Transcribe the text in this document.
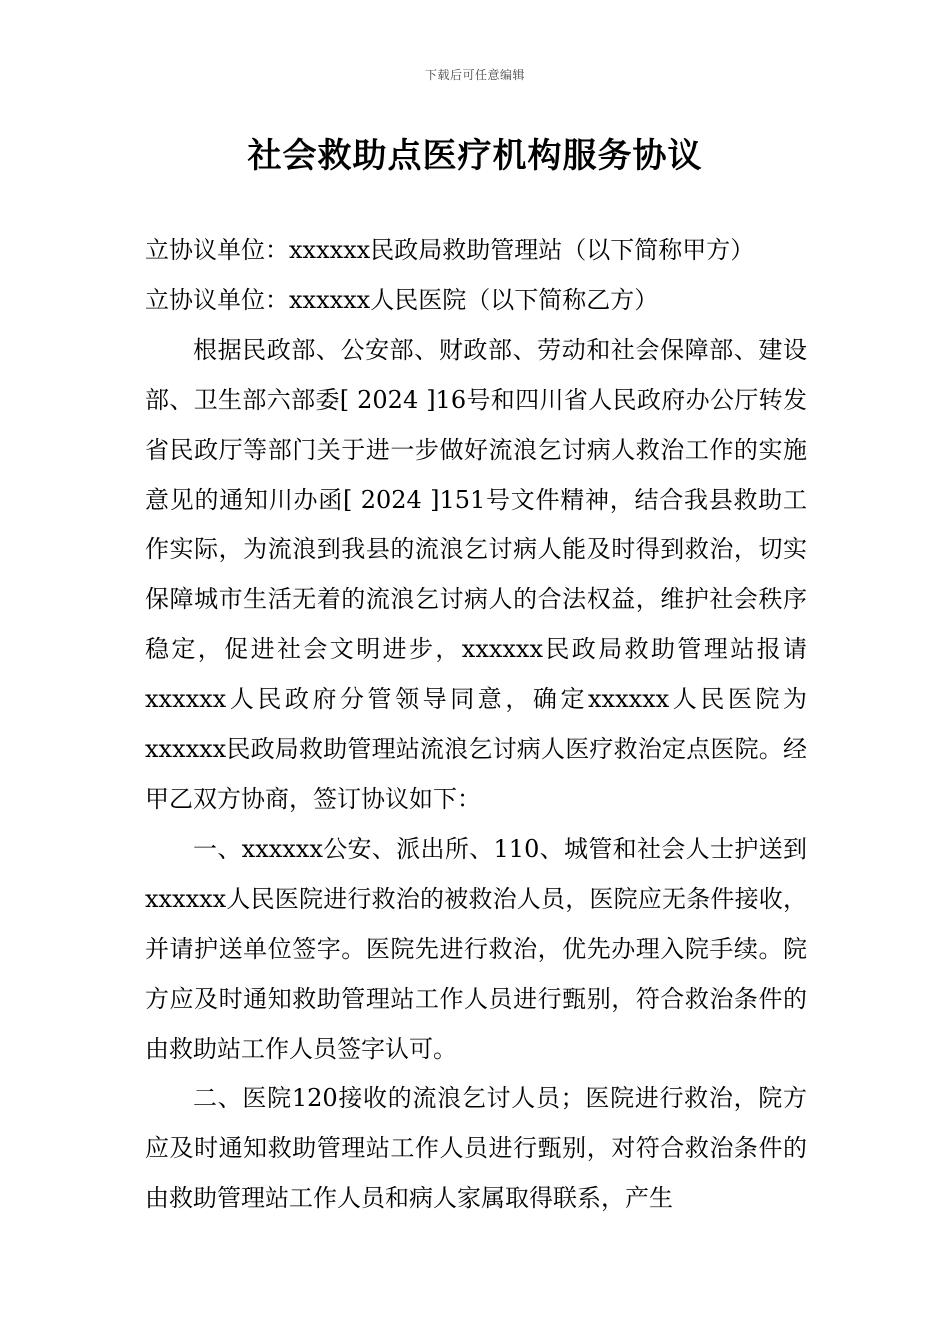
下载后可任意编辑
社会救助点医疗机构服务协议

立协议单位：xxxxxx民政局救助管理站（以下简称甲方）

立协议单位：xxxxxx人民医院（以下简称乙方）

根据民政部、公安部、财政部、劳动和社会保障部、建设部、卫生部六部委[ 2024 ]16号和四川省人民政府办公厅转发省民政厅等部门关于进一步做好流浪乞讨病人救治工作的实施意见的通知川办函[ 2024 ]151号文件精神，结合我县救助工作实际，为流浪到我县的流浪乞讨病人能及时得到救治，切实保障城市生活无着的流浪乞讨病人的合法权益，维护社会秩序稳定，促进社会文明进步，xxxxxx民政局救助管理站报请xxxxxx人民政府分管领导同意，确定xxxxxx人民医院为xxxxxx民政局救助管理站流浪乞讨病人医疗救治定点医院。经甲乙双方协商，签订协议如下：

一、xxxxxx公安、派出所、110、城管和社会人士护送到xxxxxx人民医院进行救治的被救治人员，医院应无条件接收，并请护送单位签字。医院先进行救治，优先办理入院手续。院方应及时通知救助管理站工作人员进行甄别，符合救治条件的由救助站工作人员签字认可。

二、医院120接收的流浪乞讨人员；医院进行救治，院方应及时通知救助管理站工作人员进行甄别，对符合救治条件的由救助管理站工作人员和病人家属取得联系，产生
